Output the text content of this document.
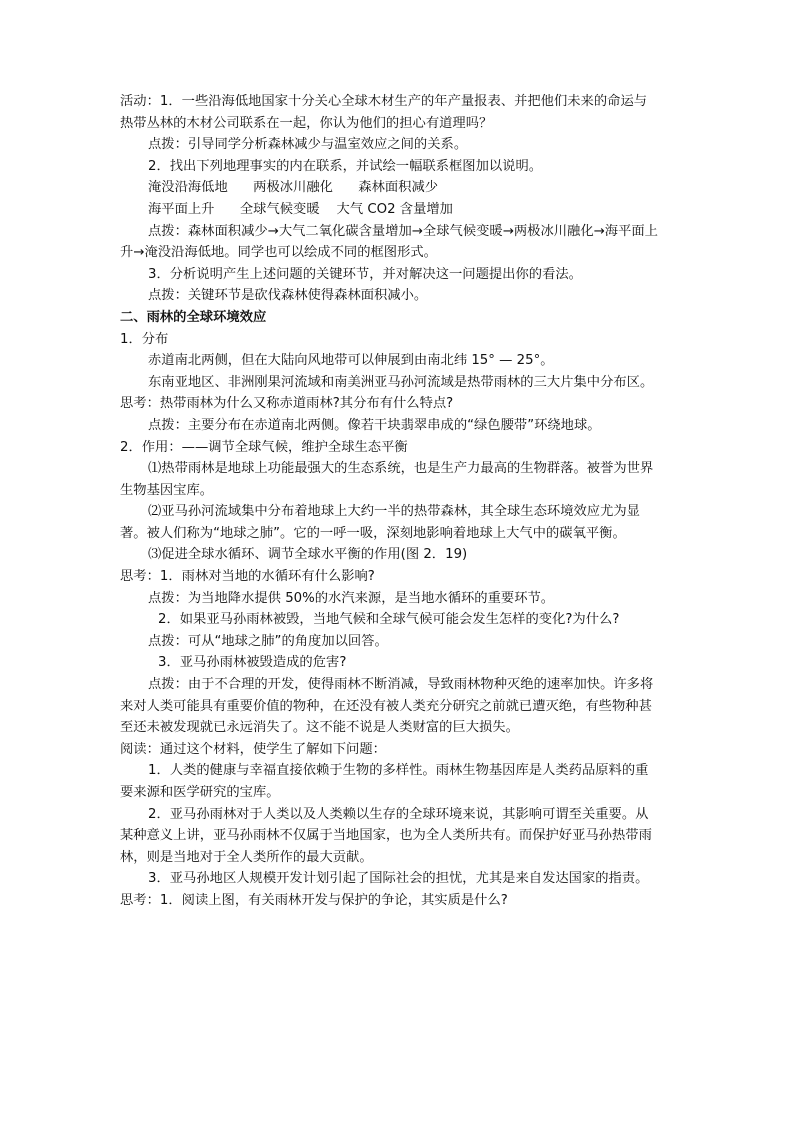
活动：1．一些沿海低地国家十分关心全球木材生产的年产量报表、并把他们未来的命运与热带丛林的木材公司联系在一起，你认为他们的担心有道理吗？

点拨：引导同学分析森林减少与温室效应之间的关系。

2．找出下列地理事实的内在联系，并试绘一幅联系框图加以说明。

淹没沿海低地      两极冰川融化      森林面积减少

海平面上升      全球气候变暖    大气 CO2 含量增加

点拨：森林面积减少→大气二氧化碳含量增加→全球气候变暖→两极冰川融化→海平面上升→淹没沿海低地。同学也可以绘成不同的框图形式。

3．分析说明产生上述问题的关键环节，并对解决这一问题提出你的看法。

点拨：关键环节是砍伐森林使得森林面积减小。

二、雨林的全球环境效应

1．分布

赤道南北两侧，但在大陆向风地带可以伸展到由南北纬 15° — 25°。

东南亚地区、非洲刚果河流域和南美洲亚马孙河流域是热带雨林的三大片集中分布区。

思考：热带雨林为什么又称赤道雨林?其分布有什么特点?

点拨：主要分布在赤道南北两侧。像若干块翡翠串成的“绿色腰带”环绕地球。

2．作用：——调节全球气候，维护全球生态平衡

⑴热带雨林是地球上功能最强大的生态系统，也是生产力最高的生物群落。被誉为世界生物基因宝库。

⑵亚马孙河流域集中分布着地球上大约一半的热带森林，其全球生态环境效应尤为显著。被人们称为“地球之肺”。它的一呼一吸，深刻地影响着地球上大气中的碳氧平衡。

⑶促进全球水循环、调节全球水平衡的作用(图 2．19)

思考：1．雨林对当地的水循环有什么影响?

点拨：为当地降水提供 50%的水汽来源，是当地水循环的重要环节。

2．如果亚马孙雨林被毁，当地气候和全球气候可能会发生怎样的变化?为什么?

点拨：可从“地球之肺”的角度加以回答。

3．亚马孙雨林被毁造成的危害?

点拨：由于不合理的开发，使得雨林不断消减，导致雨林物种灭绝的速率加快。许多将来对人类可能具有重要价值的物种，在还没有被人类充分研究之前就已遭灭绝，有些物种甚至还未被发现就已永远消失了。这不能不说是人类财富的巨大损失。

阅读：通过这个材料，使学生了解如下问题：

1．人类的健康与幸福直接依赖于生物的多样性。雨林生物基因库是人类药品原料的重　要来源和医学研究的宝库。

2．亚马孙雨林对于人类以及人类赖以生存的全球环境来说，其影响可谓至关重要。从某种意义上讲，亚马孙雨林不仅属于当地国家，也为全人类所共有。而保护好亚马孙热带雨林，则是当地对于全人类所作的最大贡献。

3．亚马孙地区人规模开发计划引起了国际社会的担忧，尤其是来自发达国家的指责。

思考：1．阅读上图，有关雨林开发与保护的争论，其实质是什么?
